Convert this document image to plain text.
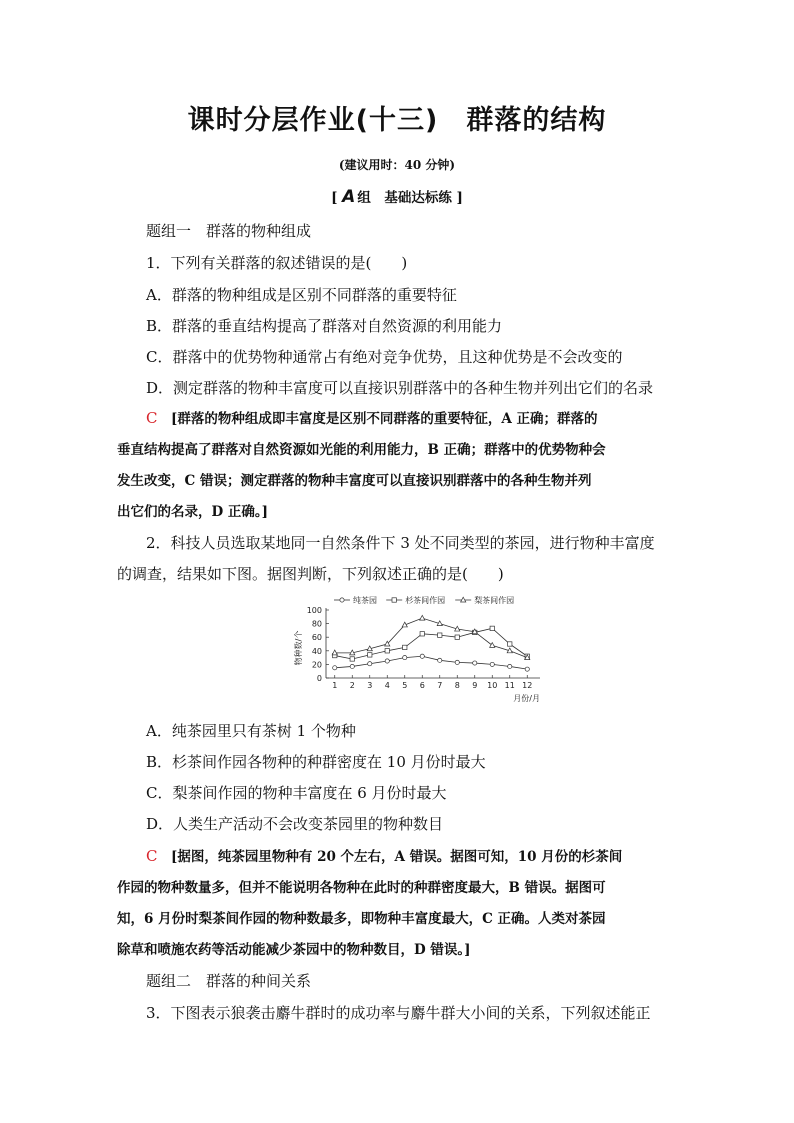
课时分层作业(十三) 群落的结构
(建议用时：40 分钟)
[ A 组　基础达标练 ]
题组一　群落的物种组成
1．下列有关群落的叙述错误的是(　　)
A．群落的物种组成是区别不同群落的重要特征
B．群落的垂直结构提高了群落对自然资源的利用能力
C．群落中的优势物种通常占有绝对竞争优势，且这种优势是不会改变的
D．测定群落的物种丰富度可以直接识别群落中的各种生物并列出它们的名录
C　 [群落的物种组成即丰富度是区别不同群落的重要特征，A 正确；群落的
垂直结构提高了群落对自然资源如光能的利用能力，B 正确；群落中的优势物种会
发生改变，C 错误；测定群落的物种丰富度可以直接识别群落中的各种生物并列
出它们的名录，D 正确。]
2．科技人员选取某地同一自然条件下 3 处不同类型的茶园，进行物种丰富度
的调查，结果如下图。据图判断，下列叙述正确的是(　　)
0
20
40
60
80
100
1 2 3 4 5 6 7 8 9 10 11 12
月份/月
物种数/个
纯茶园	杉茶间作园	梨茶间作园
A．纯茶园里只有茶树 1 个物种
B．杉茶间作园各物种的种群密度在 10 月份时最大
C．梨茶间作园的物种丰富度在 6 月份时最大
D．人类生产活动不会改变茶园里的物种数目
C　 [据图，纯茶园里物种有 20 个左右，A 错误。据图可知，10 月份的杉茶间
作园的物种数量多，但并不能说明各物种在此时的种群密度最大，B 错误。据图可
知，6 月份时梨茶间作园的物种数最多，即物种丰富度最大，C 正确。人类对茶园
除草和喷施农药等活动能减少茶园中的物种数目，D 错误。]
题组二　群落的种间关系
3．下图表示狼袭击麝牛群时的成功率与麝牛群大小间的关系，下列叙述能正
